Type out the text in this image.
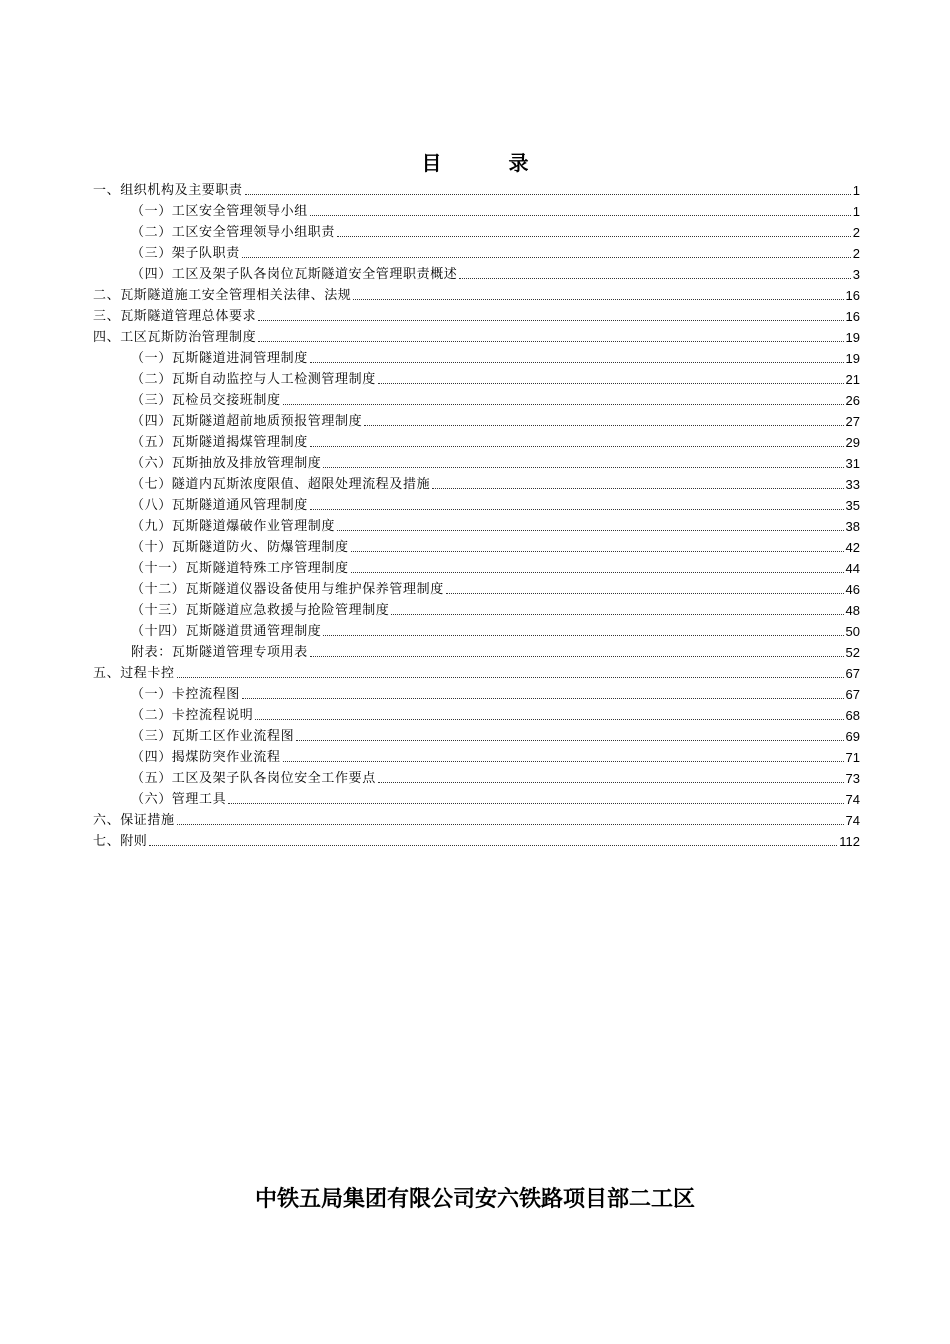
目 录
一、组织机构及主要职责	1
（一）工区安全管理领导小组	1
（二）工区安全管理领导小组职责	2
（三）架子队职责	2
（四）工区及架子队各岗位瓦斯隧道安全管理职责概述	3
二、瓦斯隧道施工安全管理相关法律、法规	16
三、瓦斯隧道管理总体要求	16
四、工区瓦斯防治管理制度	19
（一）瓦斯隧道进洞管理制度	19
（二）瓦斯自动监控与人工检测管理制度	21
（三）瓦检员交接班制度	26
（四）瓦斯隧道超前地质预报管理制度	27
（五）瓦斯隧道揭煤管理制度	29
（六）瓦斯抽放及排放管理制度	31
（七）隧道内瓦斯浓度限值、超限处理流程及措施	33
（八）瓦斯隧道通风管理制度	35
（九）瓦斯隧道爆破作业管理制度	38
（十）瓦斯隧道防火、防爆管理制度	42
（十一）瓦斯隧道特殊工序管理制度	44
（十二）瓦斯隧道仪器设备使用与维护保养管理制度	46
（十三）瓦斯隧道应急救援与抢险管理制度	48
（十四）瓦斯隧道贯通管理制度	50
附表：瓦斯隧道管理专项用表	52
五、过程卡控	67
（一）卡控流程图	67
（二）卡控流程说明	68
（三）瓦斯工区作业流程图	69
（四）揭煤防突作业流程	71
（五）工区及架子队各岗位安全工作要点	73
（六）管理工具	74
六、保证措施	74
七、附则	112
中铁五局集团有限公司安六铁路项目部二工区
